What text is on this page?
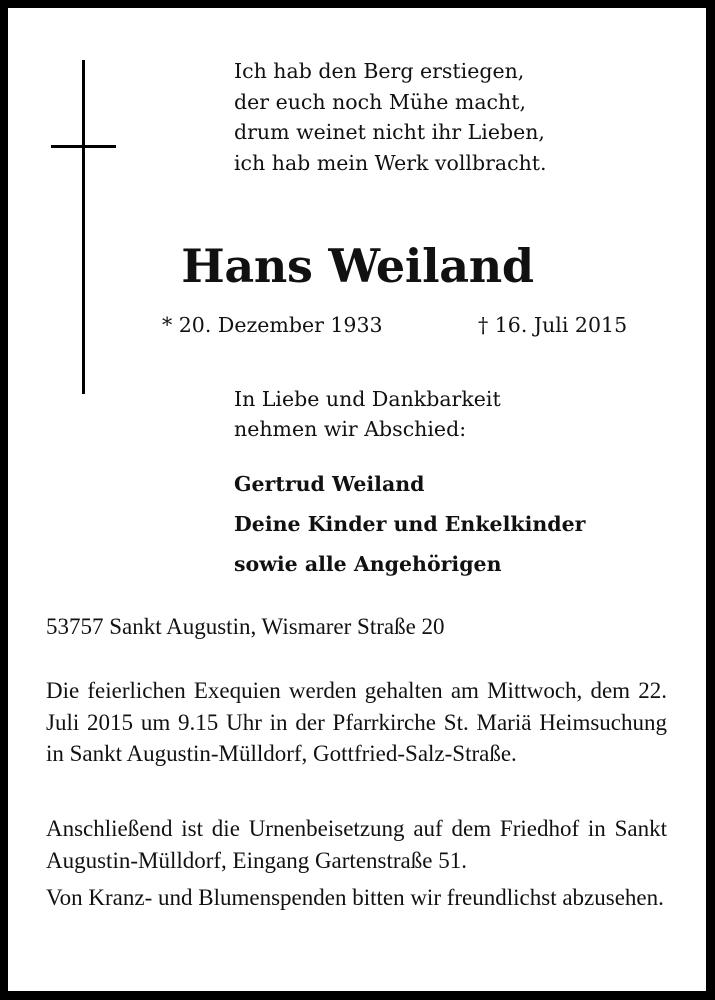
Ich hab den Berg erstiegen,
der euch noch Mühe macht,
drum weinet nicht ihr Lieben,
ich hab mein Werk vollbracht.
Hans Weiland
* 20. Dezember 1933	† 16. Juli 2015
In Liebe und Dankbarkeit
nehmen wir Abschied:
Gertrud Weiland
Deine Kinder und Enkelkinder
sowie alle Angehörigen
53757 Sankt Augustin, Wismarer Straße 20
Die feierlichen Exequien werden gehalten am Mittwoch, dem 22. Juli 2015 um 9.15 Uhr in der Pfarrkirche St. Mariä Heimsuchung in Sankt Augustin-Mülldorf, Gottfried-Salz-Straße.
Anschließend ist die Urnenbeisetzung auf dem Friedhof in Sankt Augustin-Mülldorf, Eingang Gartenstraße 51.
Von Kranz- und Blumenspenden bitten wir freundlichst abzusehen.
